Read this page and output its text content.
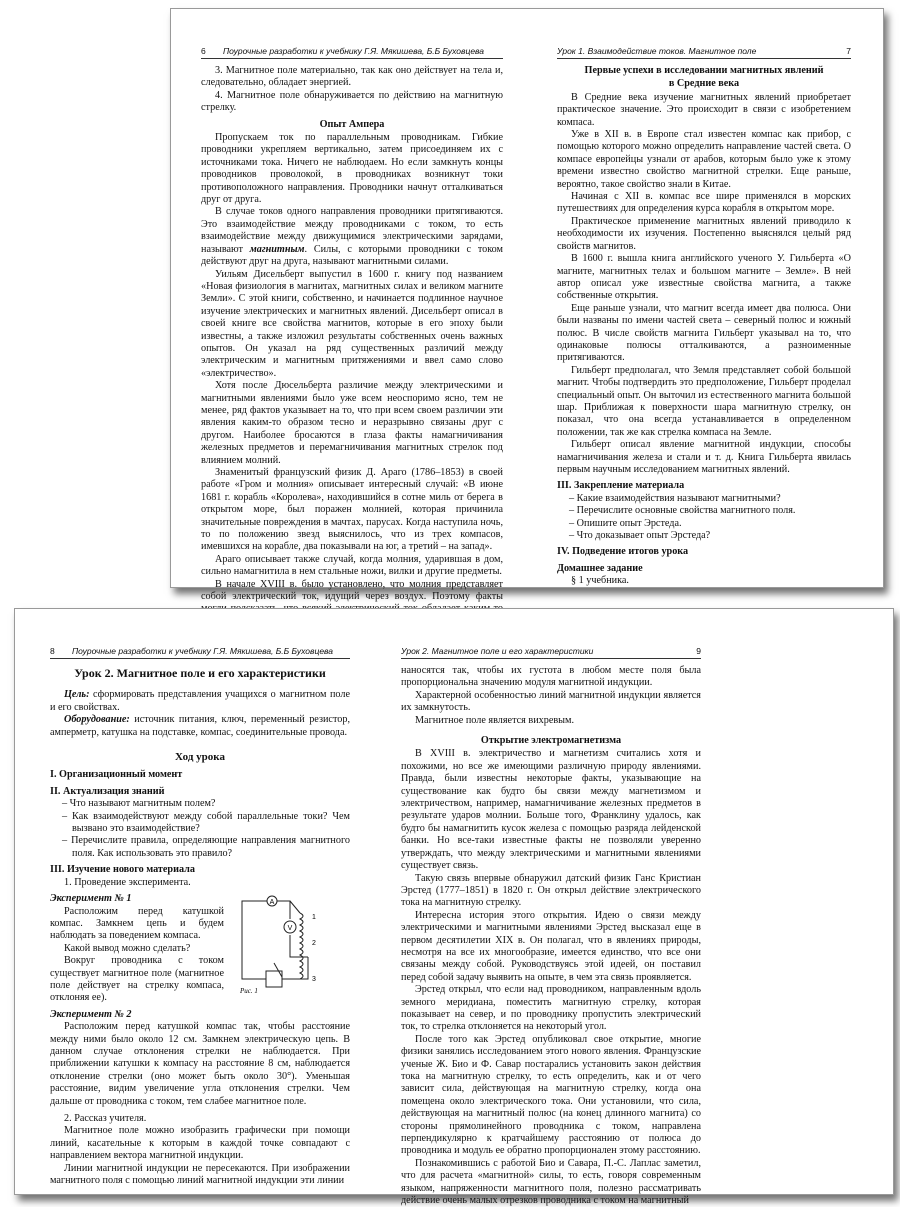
6 Поурочные разработки к учебнику Г.Я. Мякишева, Б.Б Буховцева

3. Магнитное поле материально, так как оно действует на тела и, следовательно, обладает энергией.

4. Магнитное поле обнаруживается по действию на магнитную стрелку.

Опыт Ампера

Пропускаем ток по параллельным проводникам. Гибкие проводники укрепляем вертикально, затем присоединяем их с источниками тока. Ничего не наблюдаем. Но если замкнуть концы проводников проволокой, в проводниках возникнут токи противоположного направления. Проводники начнут отталкиваться друг от друга.

В случае токов одного направления проводники притягиваются. Это взаимодействие между проводниками с током, то есть взаимодействие между движущимися электрическими зарядами, называют магнитным. Силы, с которыми проводники с током действуют друг на друга, называют магнитными силами.

Уильям Дисельберт выпустил в 1600 г. книгу под названием «Новая физиология в магнитах, магнитных силах и великом магните Земли». С этой книги, собственно, и начинается подлинное научное изучение электрических и магнитных явлений. Дисельберт описал в своей книге все свойства магнитов, которые в его эпоху были известны, а также изложил результаты собственных очень важных опытов. Он указал на ряд существенных различий между электрическим и магнитным притяжениями и ввел само слово «электричество».

Хотя после Дюсельберта различие между электрическими и магнитными явлениями было уже всем неоспоримо ясно, тем не менее, ряд фактов указывает на то, что при всем своем различии эти явления каким-то образом тесно и неразрывно связаны друг с другом. Наиболее бросаются в глаза факты намагничивания железных предметов и перемагничивания магнитных стрелок под влиянием молний.

Знаменитый французский физик Д. Араго (1786–1853) в своей работе «Гром и молния» описывает интересный случай: «В июне 1681 г. корабль «Королева», находившийся в сотне миль от берега в открытом море, был поражен молнией, которая причинила значительные повреждения в мачтах, парусах. Когда наступила ночь, то по положению звезд выяснилось, что из трех компасов, имевшихся на корабле, два показывали на юг, а третий – на запад».

Араго описывает также случай, когда молния, ударившая в дом, сильно намагнитила в нем стальные ножи, вилки и другие предметы.

В начале XVIII в. было установлено, что молния представляет собой электрический ток, идущий через воздух. Поэтому факты

Урок 1. Взаимодействие токов. Магнитное поле	7

Первые успехи в исследовании магнитных явлений

в Средние века

В Средние века изучение магнитных явлений приобретает практическое значение. Это происходит в связи с изобретением компаса.

Уже в XII в. в Европе стал известен компас как прибор, с помощью которого можно определить направление частей света. О компасе европейцы узнали от арабов, которым было уже к этому времени известно свойство магнитной стрелки. Еще раньше, вероятно, такое свойство знали в Китае.

Начиная с XII в. компас все шире применялся в морских путешествиях для определения курса корабля в открытом море.

Практическое применение магнитных явлений приводило к необходимости их изучения. Постепенно выяснялся целый ряд свойств магнитов.

В 1600 г. вышла книга английского ученого У. Гильберта «О магните, магнитных телах и большом магните – Земле». В ней автор описал уже известные свойства магнита, а также собственные открытия.

Еще раньше узнали, что магнит всегда имеет два полюса. Они были названы по имени частей света – северный полюс и южный полюс. В числе свойств магнита Гильберт указывал на то, что одинаковые полюсы отталкиваются, а разноименные притягиваются.

Гильберт предполагал, что Земля представляет собой большой магнит. Чтобы подтвердить это предположение, Гильберт проделал специальный опыт. Он выточил из естественного магнита большой шар. Приближая к поверхности шара магнитную стрелку, он показал, что она всегда устанавливается в определенном положении, так же как стрелка компаса на Земле.

Гильберт описал явление магнитной индукции, способы намагничивания железа и стали и т. д. Книга Гильберта явилась первым научным исследованием магнитных явлений.

III. Закрепление материала

– Какие взаимодействия называют магнитными?

– Перечислите основные свойства магнитного поля.

– Опишите опыт Эрстеда.

– Что доказывает опыт Эрстеда?

IV. Подведение итогов урока

Домашнее задание

§ 1 учебника.

8 Поурочные разработки к учебнику Г.Я. Мякишева, Б.Б Буховцева

Урок 2. Магнитное поле и его характеристики

Цель: сформировать представления учащихся о магнитном поле и его свойствах.

Оборудование: источник питания, ключ, переменный резистор, амперметр, катушка на подставке, компас, соединительные провода.

Ход урока

I. Организационный момент

II. Актуализация знаний

– Что называют магнитным полем?

– Как взаимодействуют между собой параллельные токи? Чем вызвано это взаимодействие?

– Перечислите правила, определяющие направления магнитного поля. Как использовать это правило?

III. Изучение нового материала

1. Проведение эксперимента.

A
V
1
2
3
Рис. 1

Эксперимент № 1

Расположим перед катушкой компас. Замкнем цепь и будем наблюдать за поведением компаса.

Какой вывод можно сделать?

Вокруг проводника с током существует магнитное поле (магнитное поле действует на стрелку компаса, отклоняя ее).

Эксперимент № 2

Расположим перед катушкой компас так, чтобы расстояние между ними было около 12 см. Замкнем электрическую цепь. В данном случае отклонения стрелки не наблюдается. При приближении катушки к компасу на расстояние 8 см, наблюдается отклонение стрелки (оно может быть около 30°). Уменьшая расстояние, видим увеличение угла отклонения стрелки. Чем дальше от проводника с током, тем слабее магнитное поле.

2. Рассказ учителя.

Магнитное поле можно изобразить графически при помощи линий, касательные к которым в каждой точке совпадают с направлением вектора магнитной индукции.

Линии магнитной индукции не пересекаются. При изображении магнитного поля с помощью линий магнитной индукции эти линии

Урок 2. Магнитное поле и его характеристики	9

наносятся так, чтобы их густота в любом месте поля была пропорциональна значению модуля магнитной индукции.

Характерной особенностью линий магнитной индукции является их замкнутость.

Магнитное поле является вихревым.

Открытие электромагнетизма

В XVIII в. электричество и магнетизм считались хотя и похожими, но все же имеющими различную природу явлениями. Правда, были известны некоторые факты, указывающие на существование как будто бы связи между магнетизмом и электричеством, например, намагничивание железных предметов в результате ударов молнии. Больше того, Франклину удалось, как будто бы намагнитить кусок железа с помощью разряда лейденской банки. Но все-таки известные факты не позволяли уверенно утверждать, что между электрическими и магнитными явлениями существует связь.

Такую связь впервые обнаружил датский физик Ганс Кристиан Эрстед (1777–1851) в 1820 г. Он открыл действие электрического тока на магнитную стрелку.

Интересна история этого открытия. Идею о связи между электрическими и магнитными явлениями Эрстед высказал еще в первом десятилетии XIX в. Он полагал, что в явлениях природы, несмотря на все их многообразие, имеется единство, что все они связаны между собой. Руководствуясь этой идеей, он поставил перед собой задачу выявить на опыте, в чем эта связь проявляется.

Эрстед открыл, что если над проводником, направленным вдоль земного меридиана, поместить магнитную стрелку, которая показывает на север, и по проводнику пропустить электрический ток, то стрелка отклоняется на некоторый угол.

После того как Эрстед опубликовал свое открытие, многие физики занялись исследованием этого нового явления. Французские ученые Ж. Био и Ф. Савар постарались установить закон действия тока на магнитную стрелку, то есть определить, как и от чего зависит сила, действующая на магнитную стрелку, когда она помещена около электрического тока. Они установили, что сила, действующая на магнитный полюс (на конец длинного магнита) со стороны прямолинейного проводника с током, направлена перпендикулярно к кратчайшему расстоянию от полюса до проводника и модуль ее обратно пропорционален этому расстоянию.

Познакомившись с работой Био и Савара, П.-С. Лаплас заметил, что для расчета «магнитной» силы, то есть, говоря современным языком, напряженности магнитного поля, полезно рассматривать действие очень малых отрезков проводника с током на магнитный
